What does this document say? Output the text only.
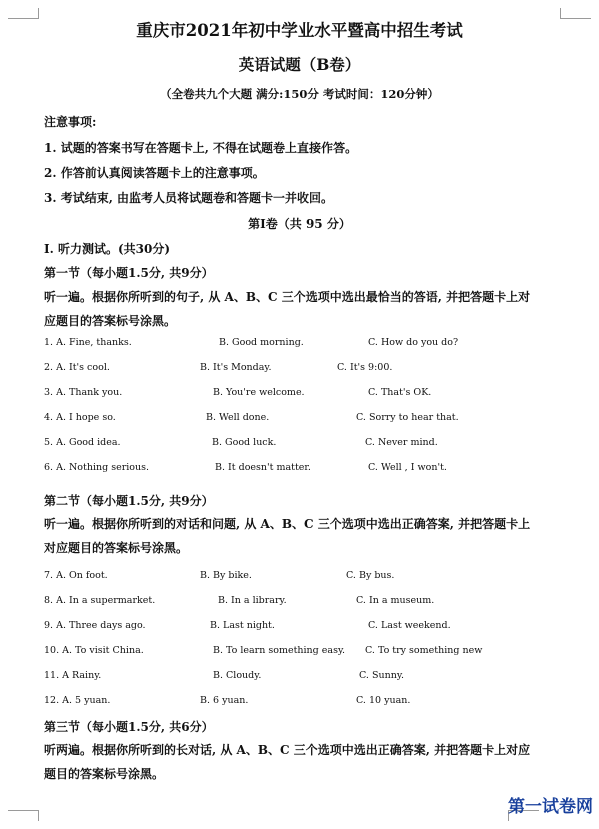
重庆市2021年初中学业水平暨高中招生考试
英语试题（B卷）
（全卷共九个大题 满分:150分 考试时间：120分钟）
注意事项:
1. 试题的答案书写在答题卡上, 不得在试题卷上直接作答。
2. 作答前认真阅读答题卡上的注意事项。
3. 考试结束, 由监考人员将试题卷和答题卡一并收回。
第I卷（共 95 分）
I. 听力测试。(共30分)
第一节（每小题1.5分, 共9分）
听一遍。根据你所听到的句子, 从 A、B、C 三个选项中选出最恰当的答语, 并把答题卡上对
应题目的答案标号涂黑。
1. A. Fine, thanks.	B. Good morning.	C. How do you do?
2. A. It's cool.	B. It's Monday.	C. It's 9:00.
3. A. Thank you.	B. You're welcome.	C. That's OK.
4. A. I hope so.	B. Well done.	C. Sorry to hear that.
5. A. Good idea.	B. Good luck.	C. Never mind.
6. A. Nothing serious.	B. It doesn't matter.	C. Well , I won't.
第二节（每小题1.5分, 共9分）
听一遍。根据你所听到的对话和问题, 从 A、B、C 三个选项中选出正确答案, 并把答题卡上
对应题目的答案标号涂黑。
7. A. On foot.	B. By bike.	C. By bus.
8. A. In a supermarket.	B. In a library.	C. In a museum.
9. A. Three days ago.	B. Last night.	C. Last weekend.
10. A. To visit China.	B. To learn something easy. C. To try something new
11. A Rainy.	B. Cloudy.	C. Sunny.
12. A. 5 yuan.	B. 6 yuan.	C. 10 yuan.
第三节（每小题1.5分, 共6分）
听两遍。根据你所听到的长对话, 从 A、B、C 三个选项中选出正确答案, 并把答题卡上对应
题目的答案标号涂黑。
第一试卷网
